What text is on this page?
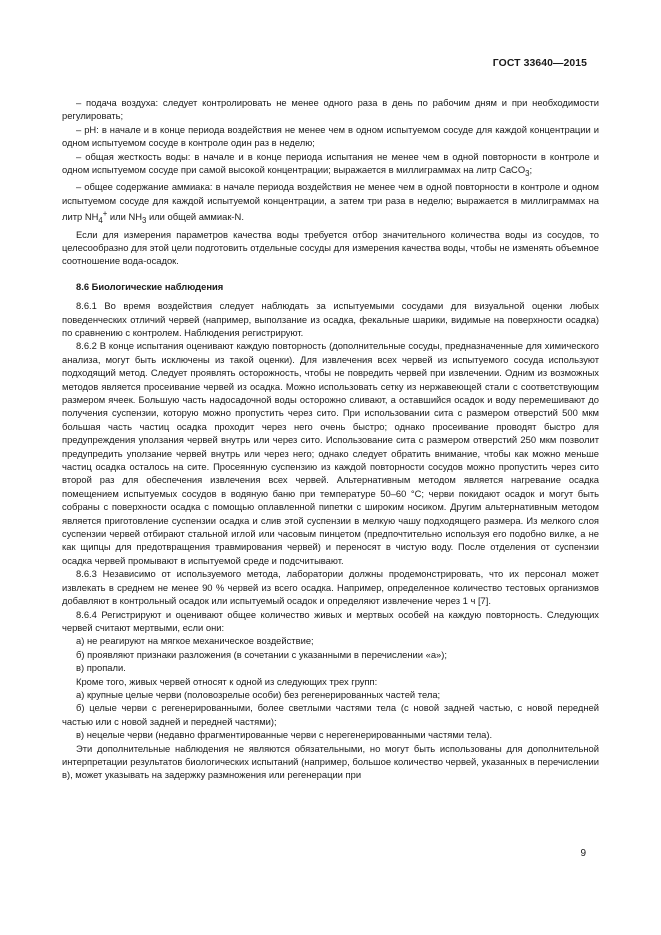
ГОСТ 33640—2015

– подача воздуха: следует контролировать не менее одного раза в день по рабочим дням и при необходимости регулировать;

– рН: в начале и в конце периода воздействия не менее чем в одном испытуемом сосуде для каждой концентрации и одном испытуемом сосуде в контроле один раз в неделю;

– общая жесткость воды: в начале и в конце периода испытания не менее чем в одной повторности в контроле и одном испытуемом сосуде при самой высокой концентрации; выражается в миллиграммах на литр CaCO$_3$;

– общее содержание аммиака: в начале периода воздействия не менее чем в одной повторности в контроле и одном испытуемом сосуде для каждой испытуемой концентрации, а затем три раза в неделю; выражается в миллиграммах на литр $NH_4^+$ или $NH_3$ или общей аммиак-N.

Если для измерения параметров качества воды требуется отбор значительного количества воды из сосудов, то целесообразно для этой цели подготовить отдельные сосуды для измерения качества воды, чтобы не изменять объемное соотношение вода-осадок.

8.6 Биологические наблюдения

8.6.1 Во время воздействия следует наблюдать за испытуемыми сосудами для визуальной оценки любых поведенческих отличий червей (например, выползание из осадка, фекальные шарики, видимые на поверхности осадка) по сравнению с контролем. Наблюдения регистрируют.

8.6.2 В конце испытания оценивают каждую повторность (дополнительные сосуды, предназначенные для химического анализа, могут быть исключены из такой оценки). Для извлечения всех червей из испытуемого сосуда используют подходящий метод. Следует проявлять осторожность, чтобы не повредить червей при извлечении. Одним из возможных методов является просеивание червей из осадка. Можно использовать сетку из нержавеющей стали с соответствующим размером ячеек. Большую часть надосадочной воды осторожно сливают, а оставшийся осадок и воду перемешивают до получения суспензии, которую можно пропустить через сито. При использовании сита с размером отверстий 500 мкм большая часть частиц осадка проходит через него очень быстро; однако просеивание проводят быстро для предупреждения уползания червей внутрь или через сито. Использование сита с размером отверстий 250 мкм позволит предупредить уползание червей внутрь или через него; однако следует обратить внимание, чтобы как можно меньше частиц осадка осталось на сите. Просеянную суспензию из каждой повторности сосудов можно пропустить через сито второй раз для обеспечения извлечения всех червей. Альтернативным методом является нагревание осадка помещением испытуемых сосудов в водяную баню при температуре 50–60 °С; черви покидают осадок и могут быть собраны с поверхности осадка с помощью оплавленной пипетки с широким носиком. Другим альтернативным методом является приготовление суспензии осадка и слив этой суспензии в мелкую чашу подходящего размера. Из мелкого слоя суспензии червей отбирают стальной иглой или часовым пинцетом (предпочтительно используя его подобно вилке, а не как щипцы для предотвращения травмирования червей) и переносят в чистую воду. После отделения от суспензии осадка червей промывают в испытуемой среде и подсчитывают.

8.6.3 Независимо от используемого метода, лаборатории должны продемонстрировать, что их персонал может извлекать в среднем не менее 90 % червей из всего осадка. Например, определенное количество тестовых организмов добавляют в контрольный осадок или испытуемый осадок и определяют извлечение через 1 ч [7].

8.6.4 Регистрируют и оценивают общее количество живых и мертвых особей на каждую повторность. Следующих червей считают мертвыми, если они:

а) не реагируют на мягкое механическое воздействие;

б) проявляют признаки разложения (в сочетании с указанными в перечислении «а»);

в) пропали.

Кроме того, живых червей относят к одной из следующих трех групп:

а) крупные целые черви (половозрелые особи) без регенерированных частей тела;

б) целые черви с регенерированными, более светлыми частями тела (с новой задней частью, с новой передней частью или с новой задней и передней частями);

в) нецелые черви (недавно фрагментированные черви с нерегенерированными частями тела).

Эти дополнительные наблюдения не являются обязательными, но могут быть использованы для дополнительной интерпретации результатов биологических испытаний (например, большое количество червей, указанных в перечислении в), может указывать на задержку размножения или регенерации при

9
